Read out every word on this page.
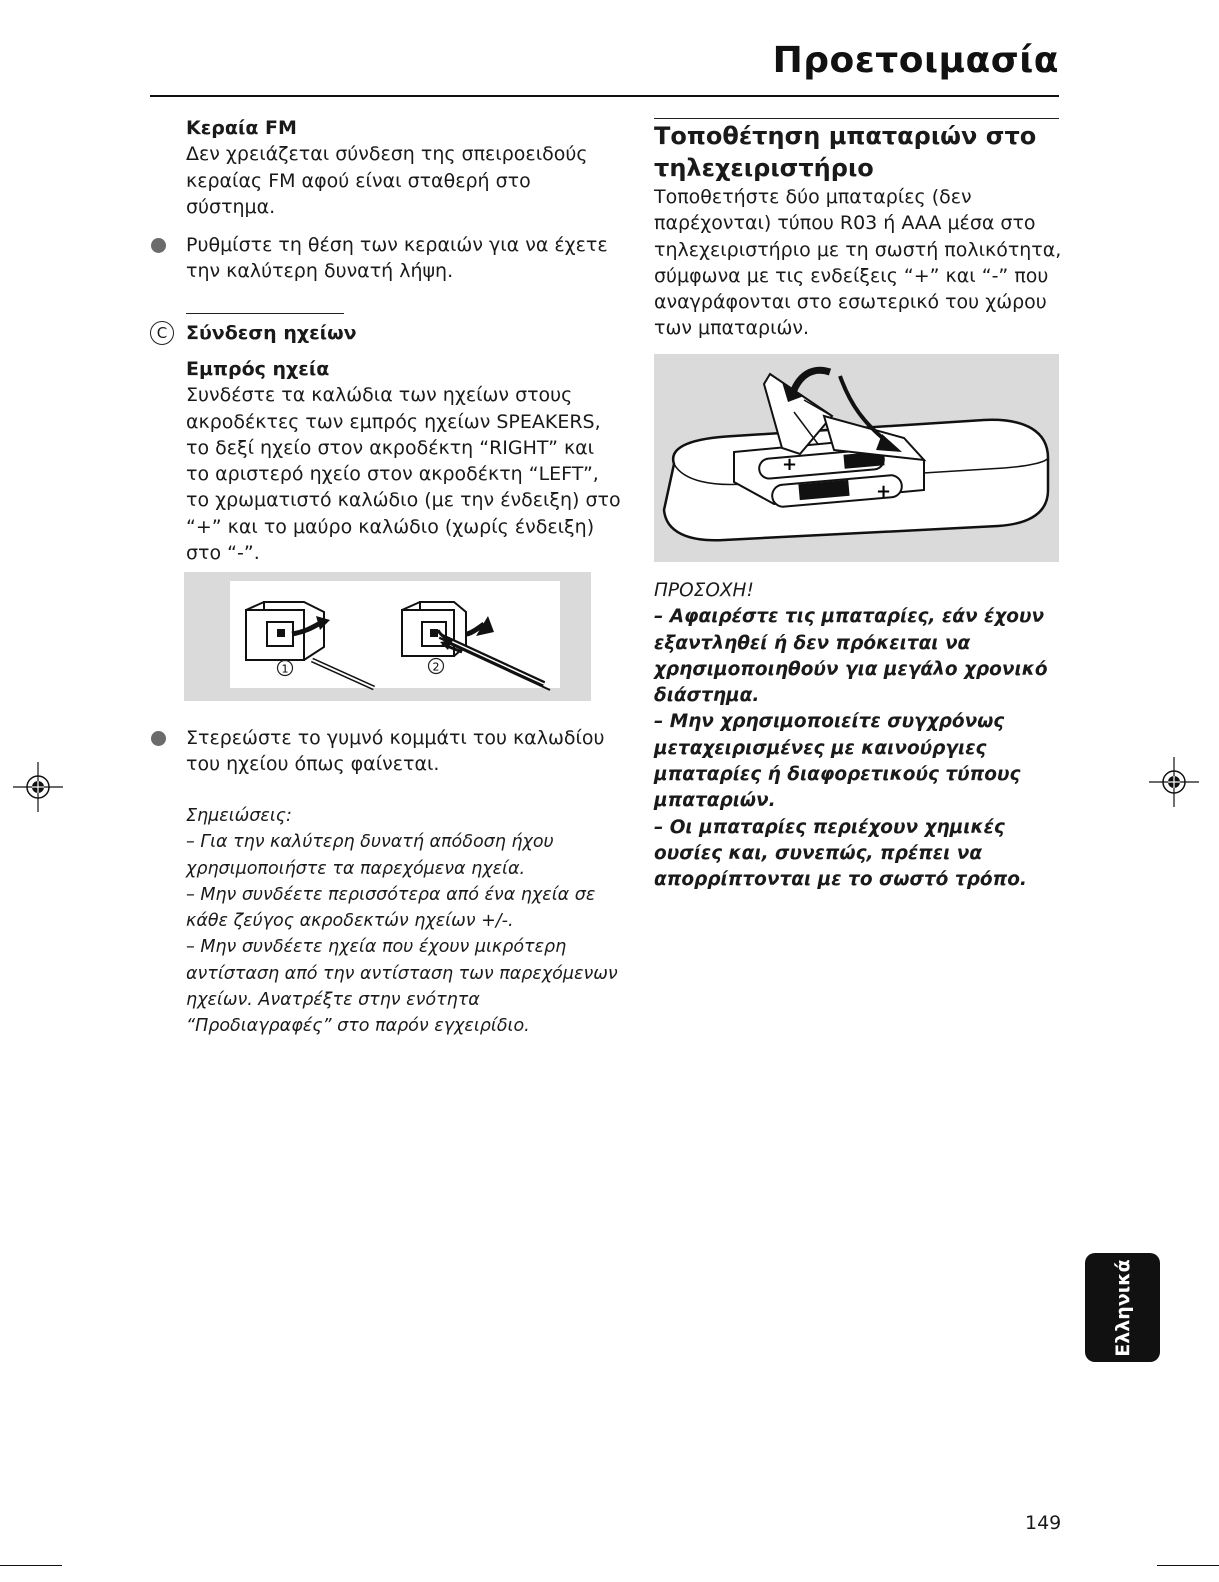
Προετοιμασία
Κεραία FM
Δεν χρειάζεται σύνδεση της σπειροειδούς
κεραίας FM αφού είναι σταθερή στο
σύστημα.
Ρυθμίστε τη θέση των κεραιών για να έχετε
την καλύτερη δυνατή λήψη.
C Σύνδεση ηχείων
Εμπρός ηχεία
Συνδέστε τα καλώδια των ηχείων στους
ακροδέκτες των εμπρός ηχείων SPEAKERS,
το δεξί ηχείο στον ακροδέκτη “RIGHT” και
το αριστερό ηχείο στον ακροδέκτη “LEFT”,
το χρωματιστό καλώδιο (με την ένδειξη) στο
“+” και το μαύρο καλώδιο (χωρίς ένδειξη)
στο “-”.
1	2
Στερεώστε το γυμνό κομμάτι του καλωδίου
του ηχείου όπως φαίνεται.
Σημειώσεις:
– Για την καλύτερη δυνατή απόδοση ήχου
χρησιμοποιήστε τα παρεχόμενα ηχεία.
– Μην συνδέετε περισσότερα από ένα ηχεία σε
κάθε ζεύγος ακροδεκτών ηχείων +/-.
– Μην συνδέετε ηχεία που έχουν μικρότερη
αντίσταση από την αντίσταση των παρεχόμενων
ηχείων. Ανατρέξτε στην ενότητα
“Προδιαγραφές” στο παρόν εγχειρίδιο.
Τοποθέτηση μπαταριών στο
τηλεχειριστήριο
Τοποθετήστε δύο μπαταρίες (δεν
παρέχονται) τύπου R03 ή AAA μέσα στο
τηλεχειριστήριο με τη σωστή πολικότητα,
σύμφωνα με τις ενδείξεις “+” και “-” που
αναγράφονται στο εσωτερικό του χώρου
των μπαταριών.
+
+
ΠΡΟΣΟΧΗ!
– Αφαιρέστε τις μπαταρίες, εάν έχουν
εξαντληθεί ή δεν πρόκειται να
χρησιμοποιηθούν για μεγάλο χρονικό
διάστημα.
– Μην χρησιμοποιείτε συγχρόνως
μεταχειρισμένες με καινούργιες
μπαταρίες ή διαφορετικούς τύπους
μπαταριών.
– Οι μπαταρίες περιέχουν χημικές
ουσίες και, συνεπώς, πρέπει να
απορρίπτονται με το σωστό τρόπο.
Ελληνικά
149
